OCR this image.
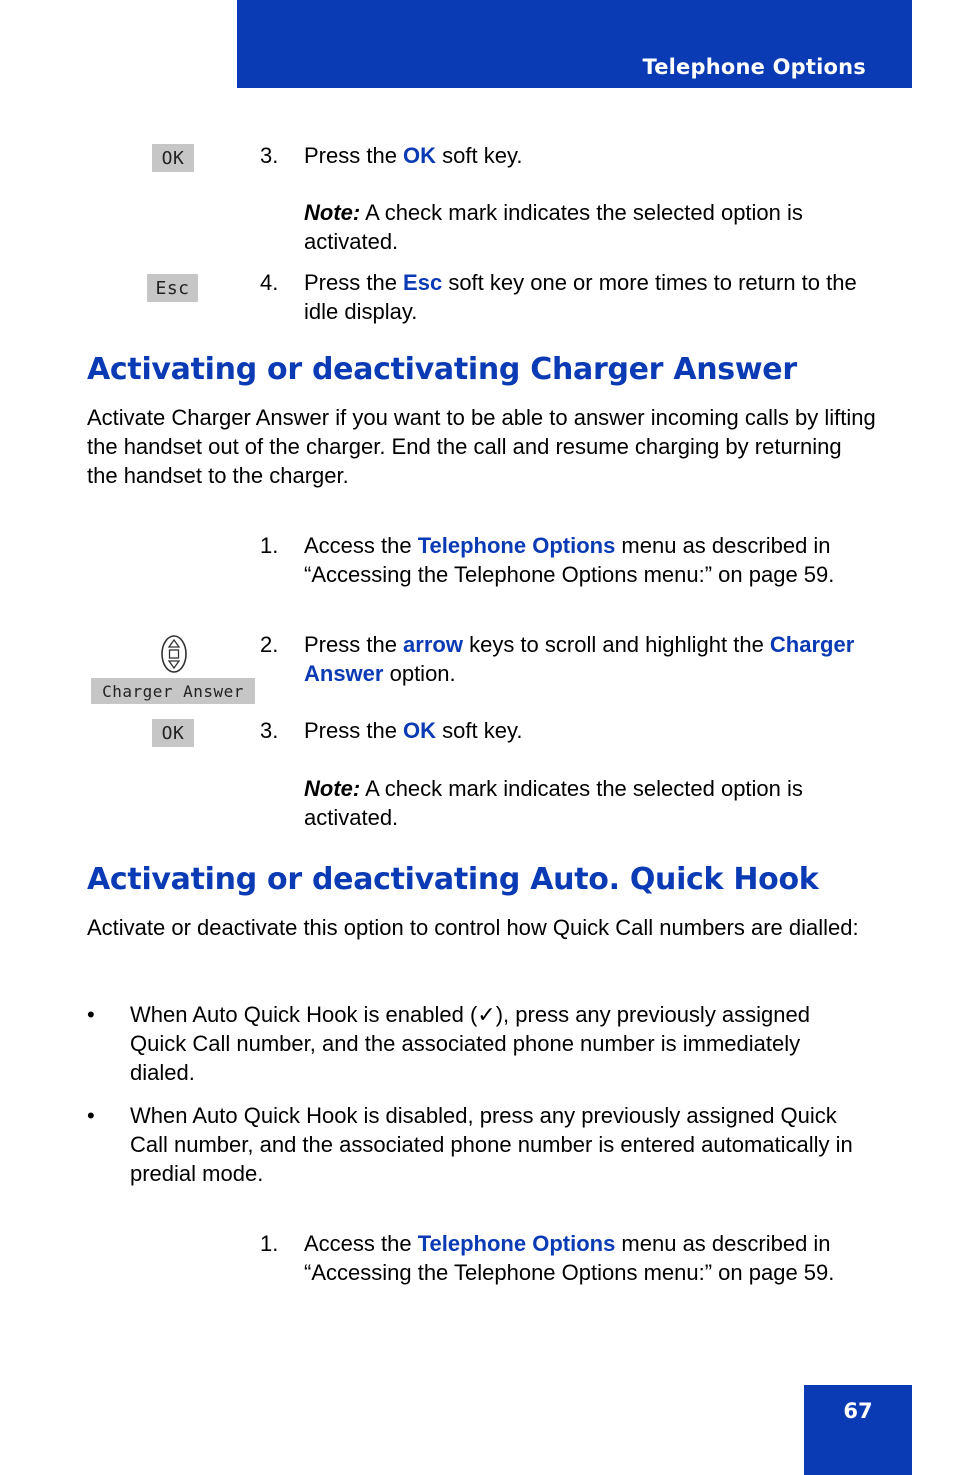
Telephone Options
OK	3. Press the OK soft key.
Note: A check mark indicates the selected option is activated.
Esc	4. Press the Esc soft key one or more times to return to the idle display.
Activating or deactivating Charger Answer
Activate Charger Answer if you want to be able to answer incoming calls by lifting the handset out of the charger. End the call and resume charging by returning the handset to the charger.
1. Access the Telephone Options menu as described in “Accessing the Telephone Options menu:” on page 59.
Charger Answer
2. Press the arrow keys to scroll and highlight the Charger Answer option.
OK	3. Press the OK soft key.
Note: A check mark indicates the selected option is activated.
Activating or deactivating Auto. Quick Hook
Activate or deactivate this option to control how Quick Call numbers are dialled:
• When Auto Quick Hook is enabled (✓), press any previously assigned Quick Call number, and the associated phone number is immediately dialed.
• When Auto Quick Hook is disabled, press any previously assigned Quick Call number, and the associated phone number is entered automatically in predial mode.
1. Access the Telephone Options menu as described in “Accessing the Telephone Options menu:” on page 59.
67
